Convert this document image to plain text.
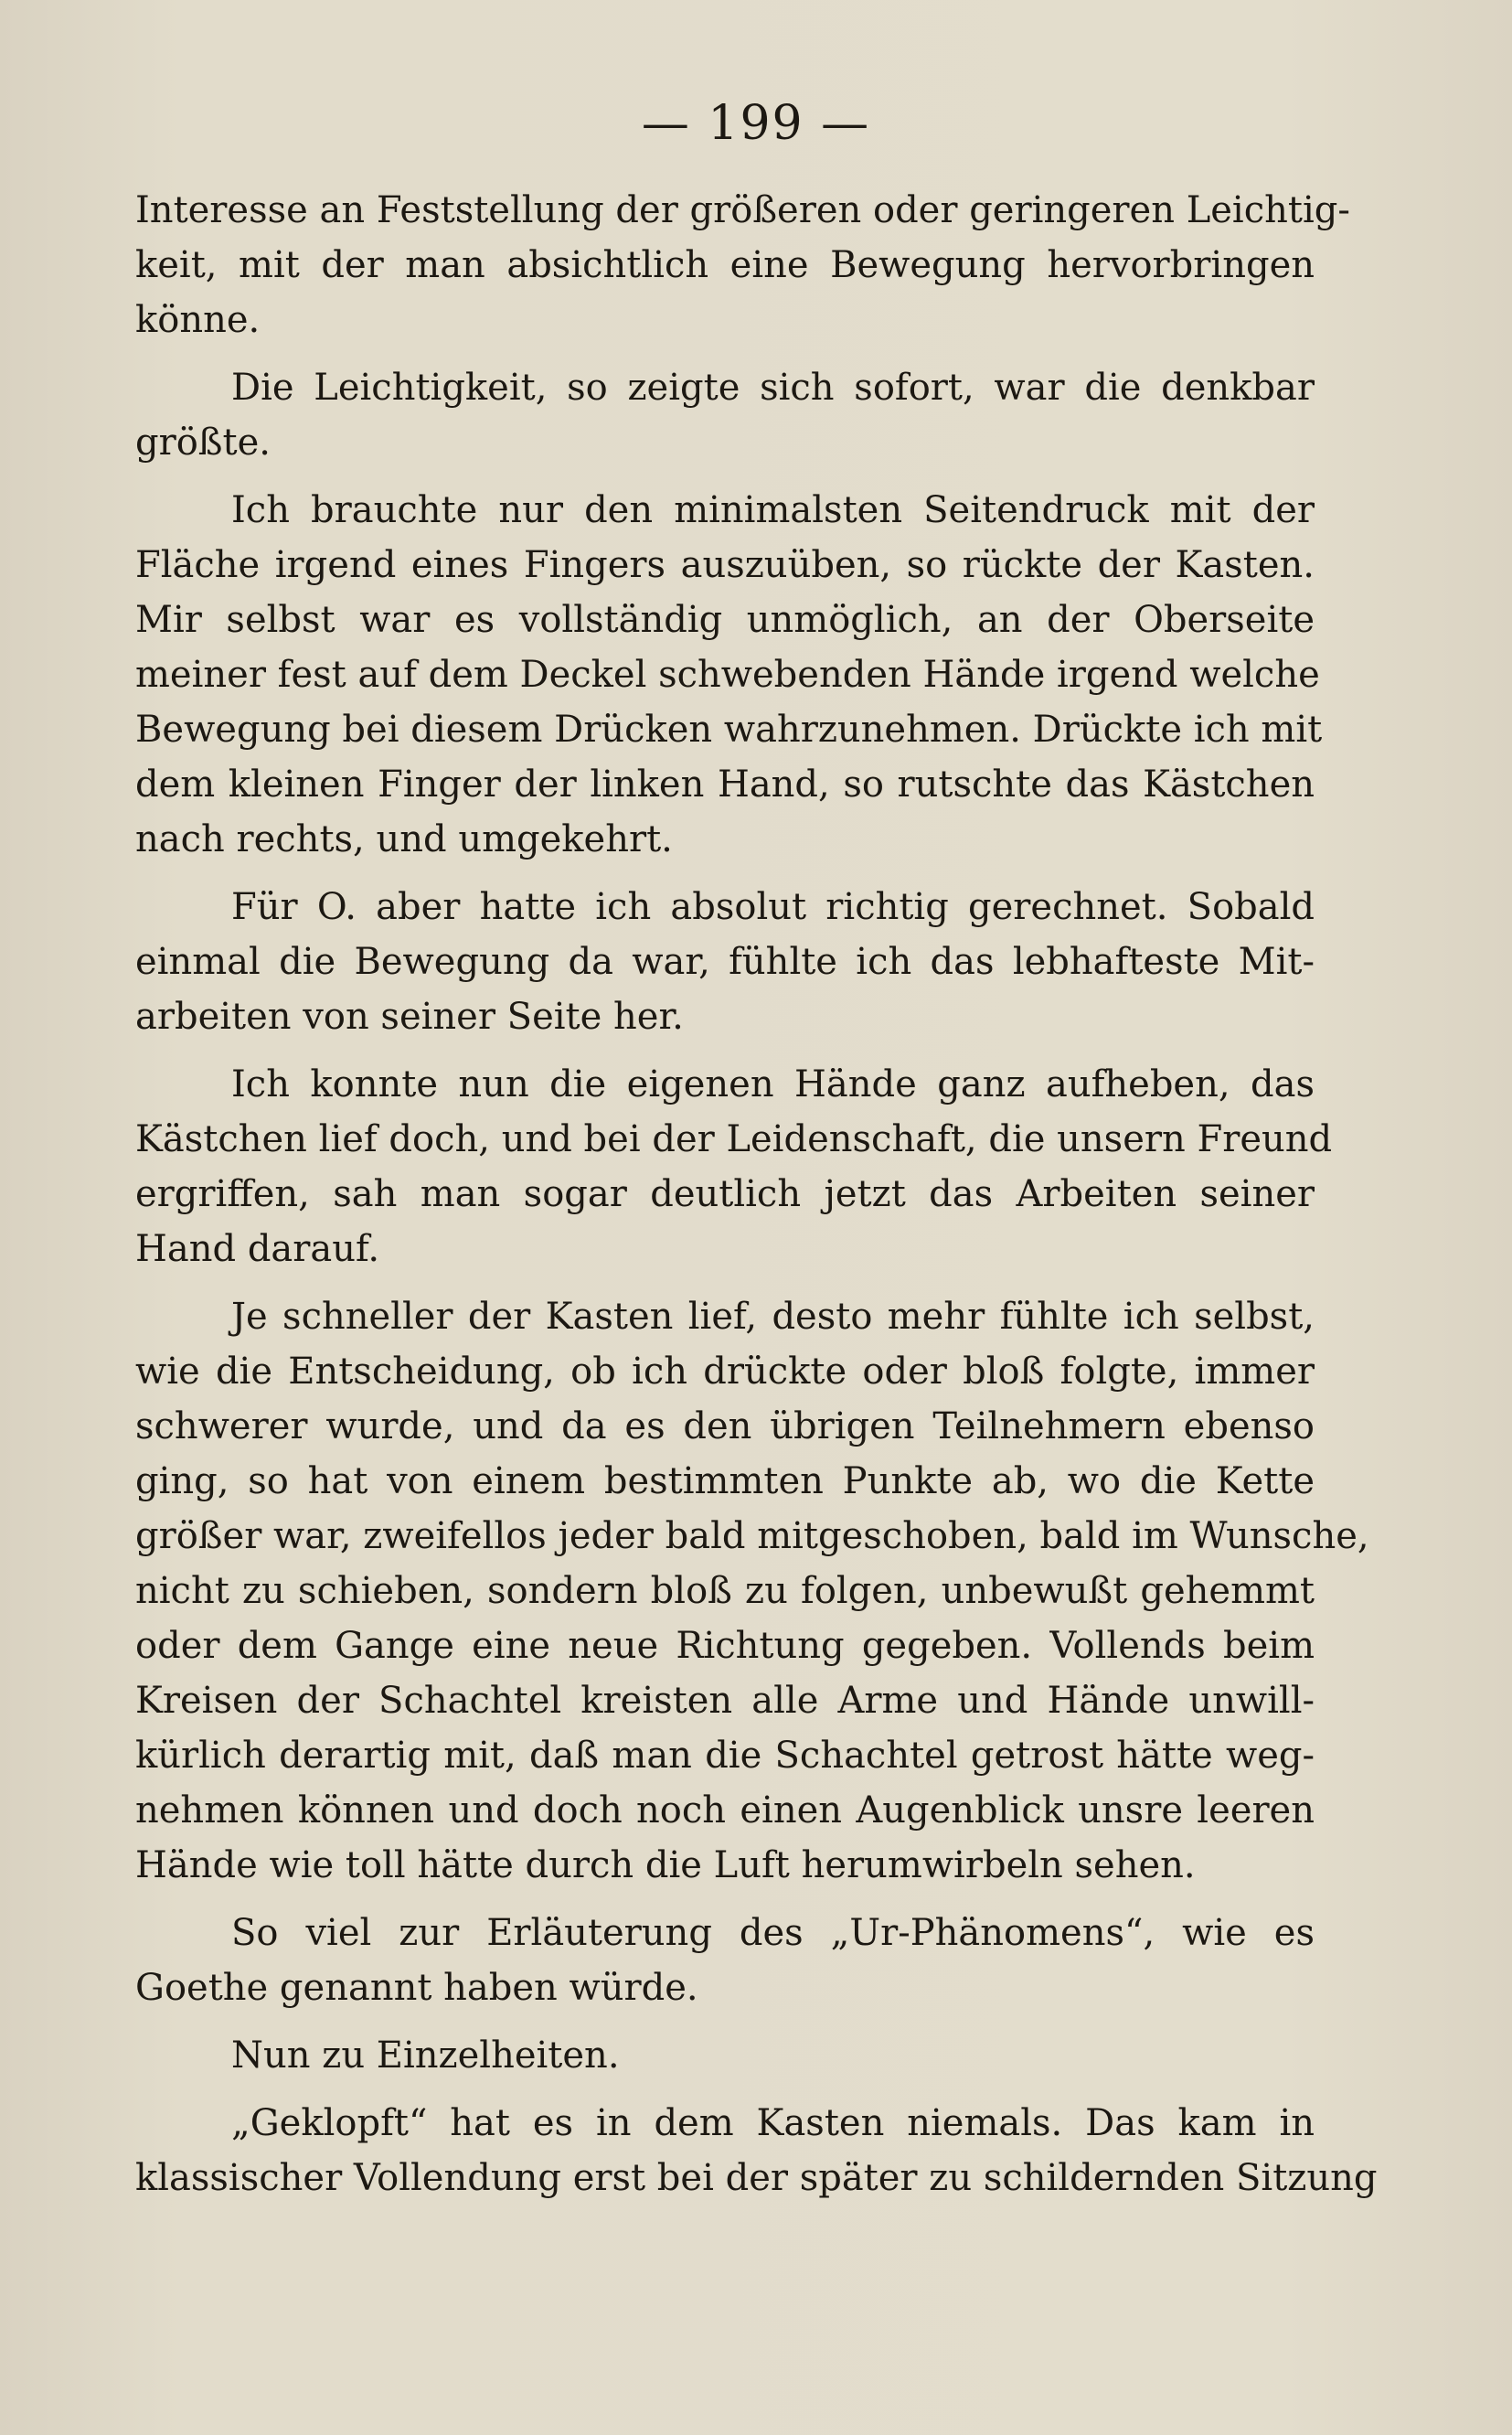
— 199 —

Interesse an Feststellung der größeren oder geringeren Leichtig-
keit, mit der man absichtlich eine Bewegung hervorbringen
könne.

Die Leichtigkeit, so zeigte sich sofort, war die denkbar
größte.

Ich brauchte nur den minimalsten Seitendruck mit der
Fläche irgend eines Fingers auszuüben, so rückte der Kasten.
Mir selbst war es vollständig unmöglich, an der Oberseite
meiner fest auf dem Deckel schwebenden Hände irgend welche
Bewegung bei diesem Drücken wahrzunehmen. Drückte ich mit
dem kleinen Finger der linken Hand, so rutschte das Kästchen
nach rechts, und umgekehrt.

Für O. aber hatte ich absolut richtig gerechnet. Sobald
einmal die Bewegung da war, fühlte ich das lebhafteste Mit-
arbeiten von seiner Seite her.

Ich konnte nun die eigenen Hände ganz aufheben, das
Kästchen lief doch, und bei der Leidenschaft, die unsern Freund
ergriffen, sah man sogar deutlich jetzt das Arbeiten seiner
Hand darauf.

Je schneller der Kasten lief, desto mehr fühlte ich selbst,
wie die Entscheidung, ob ich drückte oder bloß folgte, immer
schwerer wurde, und da es den übrigen Teilnehmern ebenso
ging, so hat von einem bestimmten Punkte ab, wo die Kette
größer war, zweifellos jeder bald mitgeschoben, bald im Wunsche,
nicht zu schieben, sondern bloß zu folgen, unbewußt gehemmt
oder dem Gange eine neue Richtung gegeben. Vollends beim
Kreisen der Schachtel kreisten alle Arme und Hände unwill-
kürlich derartig mit, daß man die Schachtel getrost hätte weg-
nehmen können und doch noch einen Augenblick unsre leeren
Hände wie toll hätte durch die Luft herumwirbeln sehen.

So viel zur Erläuterung des „Ur-Phänomens“, wie es
Goethe genannt haben würde.

Nun zu Einzelheiten.

„Geklopft“ hat es in dem Kasten niemals. Das kam in
klassischer Vollendung erst bei der später zu schildernden Sitzung
